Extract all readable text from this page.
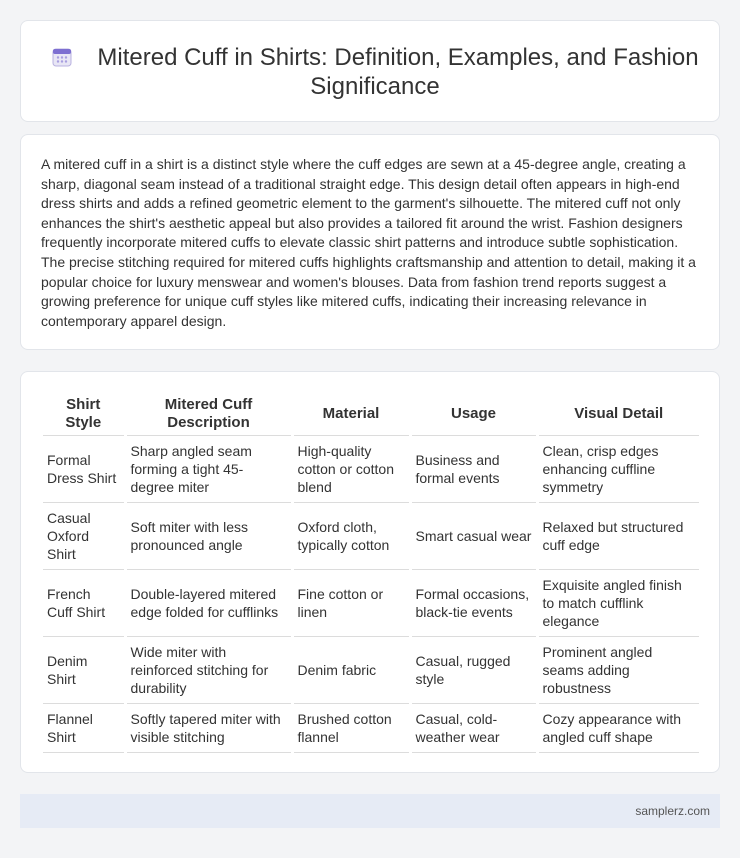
Mitered Cuff in Shirts: Definition, Examples, and Fashion Significance

A mitered cuff in a shirt is a distinct style where the cuff edges are sewn at a 45-degree angle, creating a sharp, diagonal seam instead of a traditional straight edge. This design detail often appears in high-end dress shirts and adds a refined geometric element to the garment's silhouette. The mitered cuff not only enhances the shirt's aesthetic appeal but also provides a tailored fit around the wrist. Fashion designers frequently incorporate mitered cuffs to elevate classic shirt patterns and introduce subtle sophistication. The precise stitching required for mitered cuffs highlights craftsmanship and attention to detail, making it a popular choice for luxury menswear and women's blouses. Data from fashion trend reports suggest a growing preference for unique cuff styles like mitered cuffs, indicating their increasing relevance in contemporary apparel design.

Shirt Style	Mitered Cuff Description	Material	Usage	Visual Detail
Formal Dress Shirt	Sharp angled seam forming a tight 45-degree miter	High-quality cotton or cotton blend	Business and formal events	Clean, crisp edges enhancing cuffline symmetry
Casual Oxford Shirt	Soft miter with less pronounced angle	Oxford cloth, typically cotton	Smart casual wear	Relaxed but structured cuff edge
French Cuff Shirt	Double-layered mitered edge folded for cufflinks	Fine cotton or linen	Formal occasions, black-tie events	Exquisite angled finish to match cufflink elegance
Denim Shirt	Wide miter with reinforced stitching for durability	Denim fabric	Casual, rugged style	Prominent angled seams adding robustness
Flannel Shirt	Softly tapered miter with visible stitching	Brushed cotton flannel	Casual, cold-weather wear	Cozy appearance with angled cuff shape
samplerz.com
